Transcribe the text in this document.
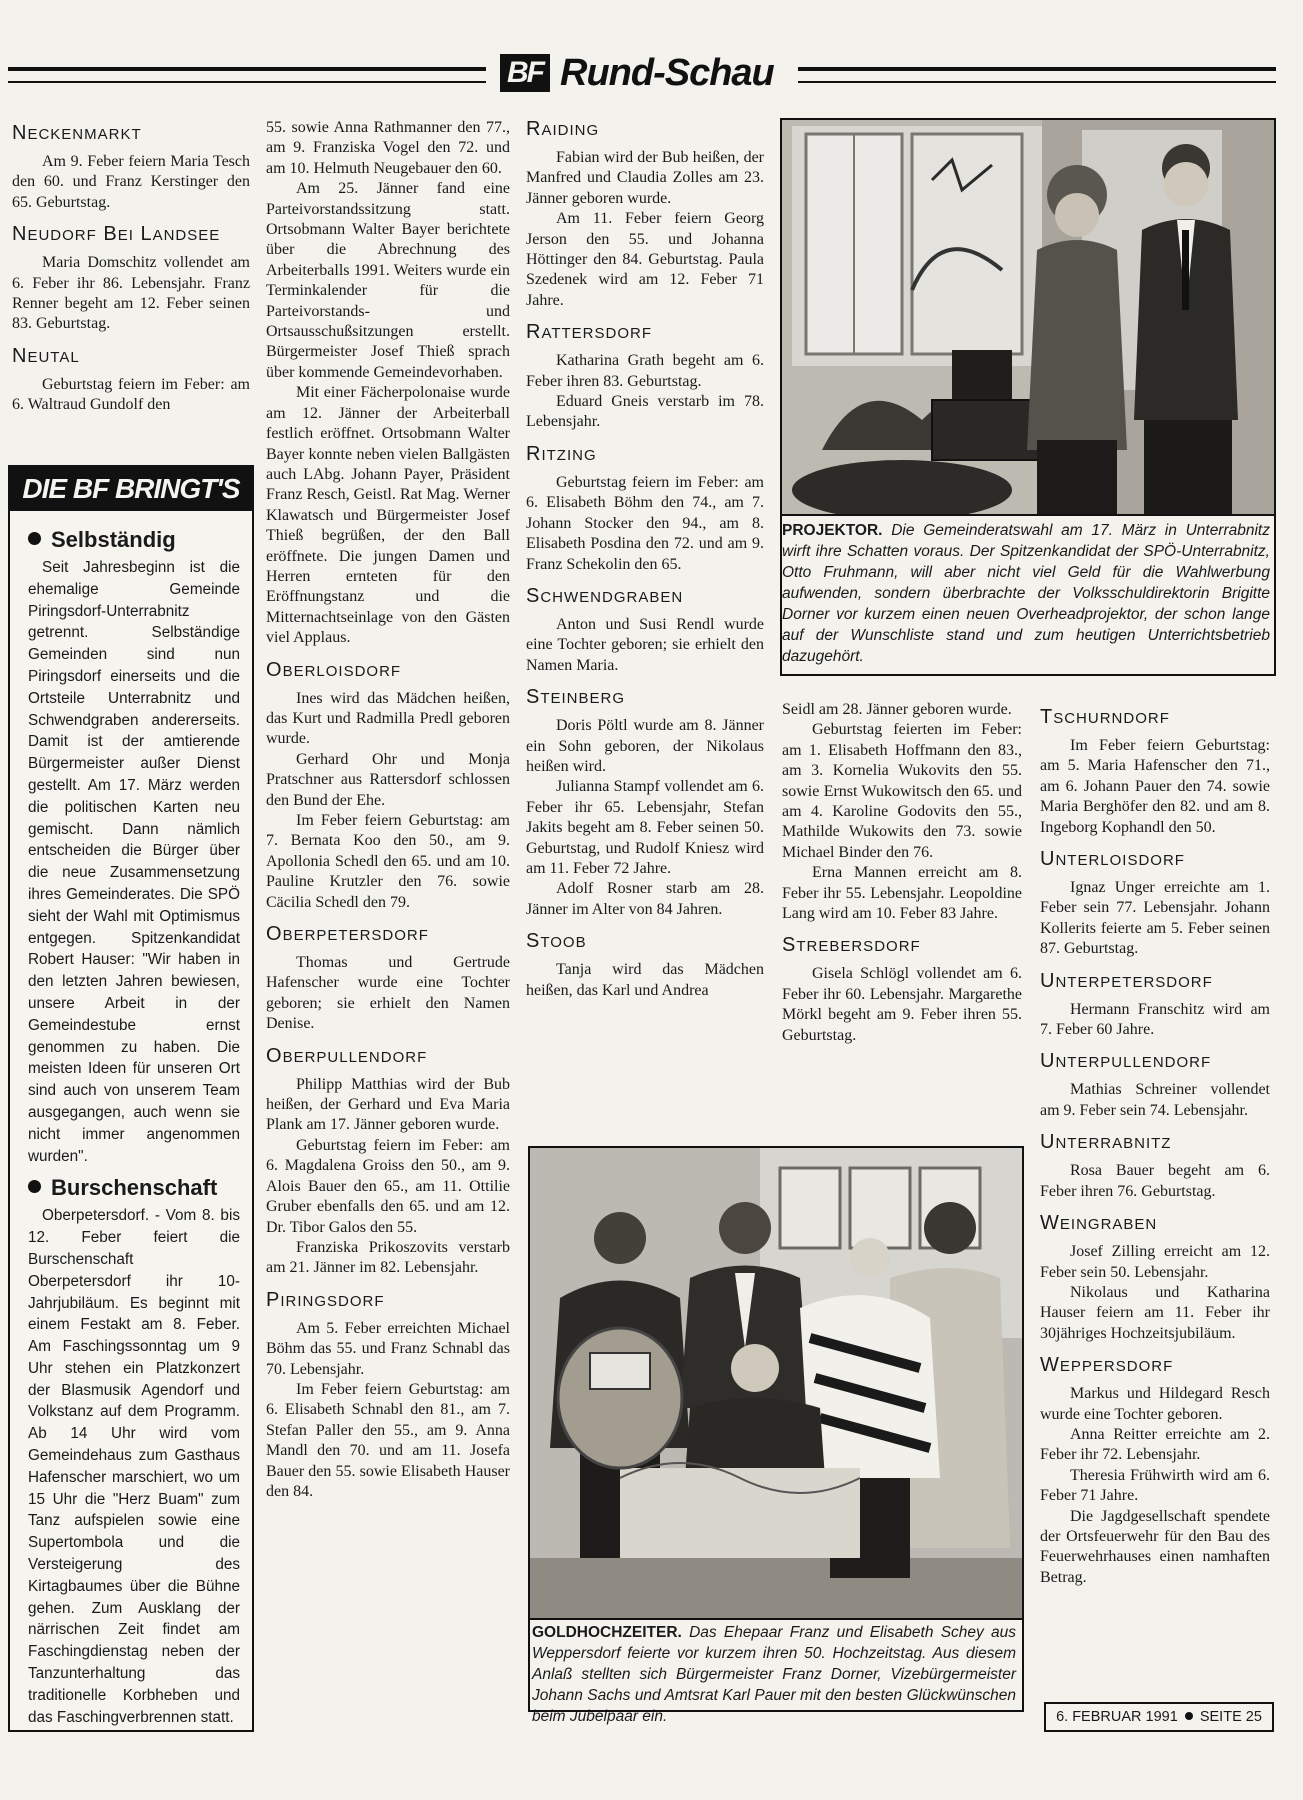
BF Rund-Schau
NECKENMARKT

Am 9. Feber feiern Maria Tesch den 60. und Franz Kerstinger den 65. Geburtstag.

NEUDORF BEI LANDSEE

Maria Domschitz vollendet am 6. Feber ihr 86. Lebensjahr. Franz Renner begeht am 12. Feber seinen 83. Geburtstag.

NEUTAL

Geburtstag feiern im Feber: am 6. Waltraud Gundolf den

DIE BF BRINGT'S
Selbständig

Seit Jahresbeginn ist die ehemalige Gemeinde Piringsdorf-Unterrabnitz getrennt. Selbständige Gemeinden sind nun Piringsdorf einerseits und die Ortsteile Unterrabnitz und Schwendgraben andererseits. Damit ist der amtierende Bürgermeister außer Dienst gestellt. Am 17. März werden die politischen Karten neu gemischt. Dann nämlich entscheiden die Bürger über die neue Zusammensetzung ihres Gemeinderates. Die SPÖ sieht der Wahl mit Optimismus entgegen. Spitzenkandidat Robert Hauser: "Wir haben in den letzten Jahren bewiesen, unsere Arbeit in der Gemeindestube ernst genommen zu haben. Die meisten Ideen für unseren Ort sind auch von unserem Team ausgegangen, auch wenn sie nicht immer angenommen wurden".

Burschenschaft

Oberpetersdorf. - Vom 8. bis 12. Feber feiert die Burschenschaft Oberpetersdorf ihr 10-Jahrjubiläum. Es beginnt mit einem Festakt am 8. Feber. Am Faschingssonntag um 9 Uhr stehen ein Platzkonzert der Blasmusik Agendorf und Volkstanz auf dem Programm. Ab 14 Uhr wird vom Gemeindehaus zum Gasthaus Hafenscher marschiert, wo um 15 Uhr die "Herz Buam" zum Tanz aufspielen sowie eine Supertombola und die Versteigerung des Kirtagbaumes über die Bühne gehen. Zum Ausklang der närrischen Zeit findet am Faschingdienstag neben der Tanzunterhaltung das traditionelle Korbheben und das Faschingverbrennen statt.

55. sowie Anna Rathmanner den 77., am 9. Franziska Vogel den 72. und am 10. Helmuth Neugebauer den 60.

Am 25. Jänner fand eine Parteivorstandssitzung statt. Ortsobmann Walter Bayer berichtete über die Abrechnung des Arbeiterballs 1991. Weiters wurde ein Terminkalender für die Parteivorstands- und Ortsausschußsitzungen erstellt. Bürgermeister Josef Thieß sprach über kommende Gemeindevorhaben.

Mit einer Fächerpolonaise wurde am 12. Jänner der Arbeiterball festlich eröffnet. Ortsobmann Walter Bayer konnte neben vielen Ballgästen auch LAbg. Johann Payer, Präsident Franz Resch, Geistl. Rat Mag. Werner Klawatsch und Bürgermeister Josef Thieß begrüßen, der den Ball eröffnete. Die jungen Damen und Herren ernteten für den Eröffnungstanz und die Mitternachtseinlage von den Gästen viel Applaus.

OBERLOISDORF

Ines wird das Mädchen heißen, das Kurt und Radmilla Predl geboren wurde.

Gerhard Ohr und Monja Pratschner aus Rattersdorf schlossen den Bund der Ehe.

Im Feber feiern Geburtstag: am 7. Bernata Koo den 50., am 9. Apollonia Schedl den 65. und am 10. Pauline Krutzler den 76. sowie Cäcilia Schedl den 79.

OBERPETERSDORF

Thomas und Gertrude Hafenscher wurde eine Tochter geboren; sie erhielt den Namen Denise.

OBERPULLENDORF

Philipp Matthias wird der Bub heißen, der Gerhard und Eva Maria Plank am 17. Jänner geboren wurde.

Geburtstag feiern im Feber: am 6. Magdalena Groiss den 50., am 9. Alois Bauer den 65., am 11. Ottilie Gruber ebenfalls den 65. und am 12. Dr. Tibor Galos den 55.

Franziska Prikoszovits verstarb am 21. Jänner im 82. Lebensjahr.

PIRINGSDORF

Am 5. Feber erreichten Michael Böhm das 55. und Franz Schnabl das 70. Lebensjahr.

Im Feber feiern Geburtstag: am 6. Elisabeth Schnabl den 81., am 7. Stefan Paller den 55., am 9. Anna Mandl den 70. und am 11. Josefa Bauer den 55. sowie Elisabeth Hauser den 84.

RAIDING

Fabian wird der Bub heißen, der Manfred und Claudia Zolles am 23. Jänner geboren wurde.

Am 11. Feber feiern Georg Jerson den 55. und Johanna Höttinger den 84. Geburtstag. Paula Szedenek wird am 12. Feber 71 Jahre.

RATTERSDORF

Katharina Grath begeht am 6. Feber ihren 83. Geburtstag.

Eduard Gneis verstarb im 78. Lebensjahr.

RITZING

Geburtstag feiern im Feber: am 6. Elisabeth Böhm den 74., am 7. Johann Stocker den 94., am 8. Elisabeth Posdina den 72. und am 9. Franz Schekolin den 65.

SCHWENDGRABEN

Anton und Susi Rendl wurde eine Tochter geboren; sie erhielt den Namen Maria.

STEINBERG

Doris Pöltl wurde am 8. Jänner ein Sohn geboren, der Nikolaus heißen wird.

Julianna Stampf vollendet am 6. Feber ihr 65. Lebensjahr, Stefan Jakits begeht am 8. Feber seinen 50. Geburtstag, und Rudolf Kniesz wird am 11. Feber 72 Jahre.

Adolf Rosner starb am 28. Jänner im Alter von 84 Jahren.

STOOB

Tanja wird das Mädchen heißen, das Karl und Andrea

PROJEKTOR. Die Gemeinderatswahl am 17. März in Unterrabnitz wirft ihre Schatten voraus. Der Spitzenkandidat der SPÖ-Unterrabnitz, Otto Fruhmann, will aber nicht viel Geld für die Wahlwerbung aufwenden, sondern überbrachte der Volksschuldirektorin Brigitte Dorner vor kurzem einen neuen Overheadprojektor, der schon lange auf der Wunschliste stand und zum heutigen Unterrichtsbetrieb dazugehört.

Seidl am 28. Jänner geboren wurde.

Geburtstag feierten im Feber: am 1. Elisabeth Hoffmann den 83., am 3. Kornelia Wukovits den 55. sowie Ernst Wukowitsch den 65. und am 4. Karoline Godovits den 55., Mathilde Wukowits den 73. sowie Michael Binder den 76.

Erna Mannen erreicht am 8. Feber ihr 55. Lebensjahr. Leopoldine Lang wird am 10. Feber 83 Jahre.

STREBERSDORF

Gisela Schlögl vollendet am 6. Feber ihr 60. Lebensjahr. Margarethe Mörkl begeht am 9. Feber ihren 55. Geburtstag.

TSCHURNDORF

Im Feber feiern Geburtstag: am 5. Maria Hafenscher den 71., am 6. Johann Pauer den 74. sowie Maria Berghöfer den 82. und am 8. Ingeborg Kophandl den 50.

UNTERLOISDORF

Ignaz Unger erreichte am 1. Feber sein 77. Lebensjahr. Johann Kollerits feierte am 5. Feber seinen 87. Geburtstag.

UNTERPETERSDORF

Hermann Franschitz wird am 7. Feber 60 Jahre.

UNTERPULLENDORF

Mathias Schreiner vollendet am 9. Feber sein 74. Lebensjahr.

UNTERRABNITZ

Rosa Bauer begeht am 6. Feber ihren 76. Geburtstag.

WEINGRABEN

Josef Zilling erreicht am 12. Feber sein 50. Lebensjahr.

Nikolaus und Katharina Hauser feiern am 11. Feber ihr 30jähriges Hochzeitsjubiläum.

WEPPERSDORF

Markus und Hildegard Resch wurde eine Tochter geboren.

Anna Reitter erreichte am 2. Feber ihr 72. Lebensjahr.

Theresia Frühwirth wird am 6. Feber 71 Jahre.

Die Jagdgesellschaft spendete der Ortsfeuerwehr für den Bau des Feuerwehrhauses einen namhaften Betrag.

GOLDHOCHZEITER. Das Ehepaar Franz und Elisabeth Schey aus Weppersdorf feierte vor kurzem ihren 50. Hochzeitstag. Aus diesem Anlaß stellten sich Bürgermeister Franz Dorner, Vizebürgermeister Johann Sachs und Amtsrat Karl Pauer mit den besten Glückwünschen beim Jubelpaar ein.	6. FEBRUAR 1991 SEITE 25
